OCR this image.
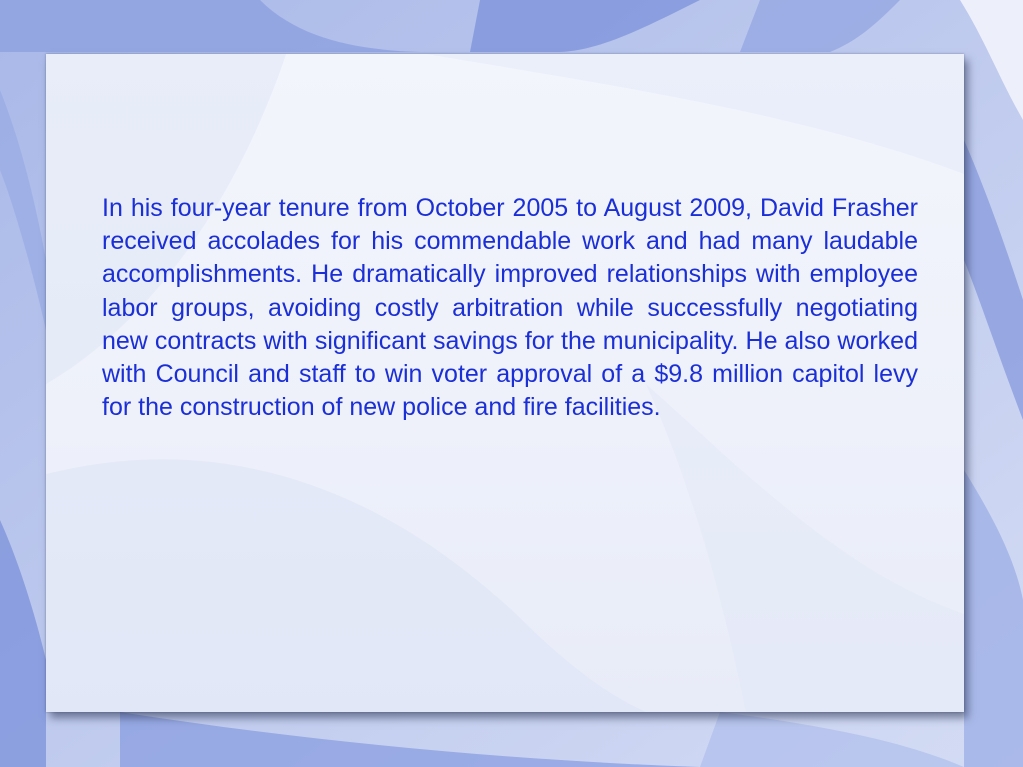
In his four-year tenure from October 2005 to August 2009, David Frasher received accolades for his commendable work and had many laudable accomplishments. He dramatically improved relationships with employee labor groups, avoiding costly arbitration while successfully negotiating new contracts with significant savings for the municipality. He also worked with Council and staff to win voter approval of a $9.8 million capitol levy for the construction of new police and fire facilities.
